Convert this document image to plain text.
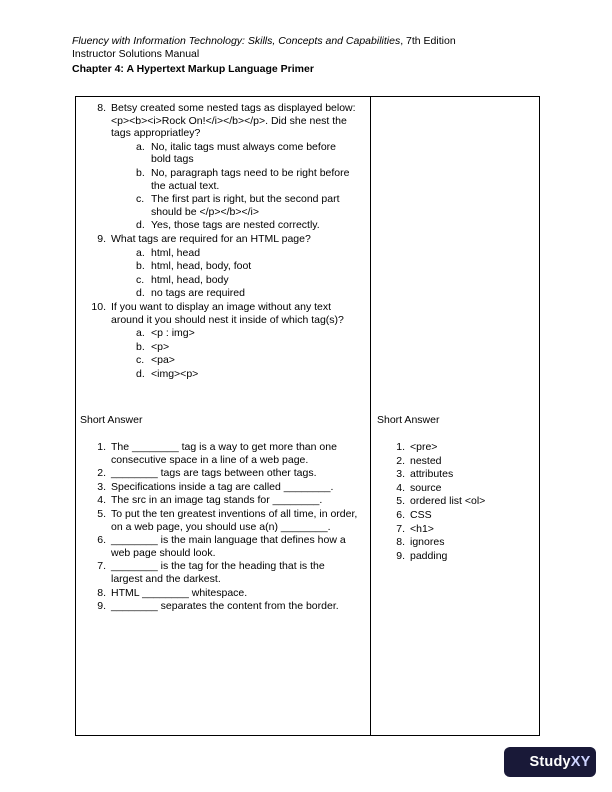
Fluency with Information Technology: Skills, Concepts and Capabilities, 7th Edition
Instructor Solutions Manual
Chapter 4: A Hypertext Markup Language Primer
8. Betsy created some nested tags as displayed below: <p><b><i>Rock On!</i></b></p>. Did she nest the tags appropriatley?
a. No, italic tags must always come before bold tags
b. No, paragraph tags need to be right before the actual text.
c. The first part is right, but the second part should be </p></b></i>
d. Yes, those tags are nested correctly.
9. What tags are required for an HTML page?
a. html, head
b. html, head, body, foot
c. html, head, body
d. no tags are required
10. If you want to display an image without any text around it you should nest it inside of which tag(s)?
a. <p : img>
b. <p>
c. <pa>
d. <img><p>
Short Answer
1. The ________ tag is a way to get more than one consecutive space in a line of a web page.
2. ________ tags are tags between other tags.
3. Specifications inside a tag are called ________.
4. The src in an image tag stands for ________.
5. To put the ten greatest inventions of all time, in order, on a web page, you should use a(n) ________.
6. ________ is the main language that defines how a web page should look.
7. ________ is the tag for the heading that is the largest and the darkest.
8. HTML ________ whitespace.
9. ________ separates the content from the border.
Short Answer
1. <pre>
2. nested
3. attributes
4. source
5. ordered list <ol>
6. CSS
7. <h1>
8. ignores
9. padding
StudyXY
